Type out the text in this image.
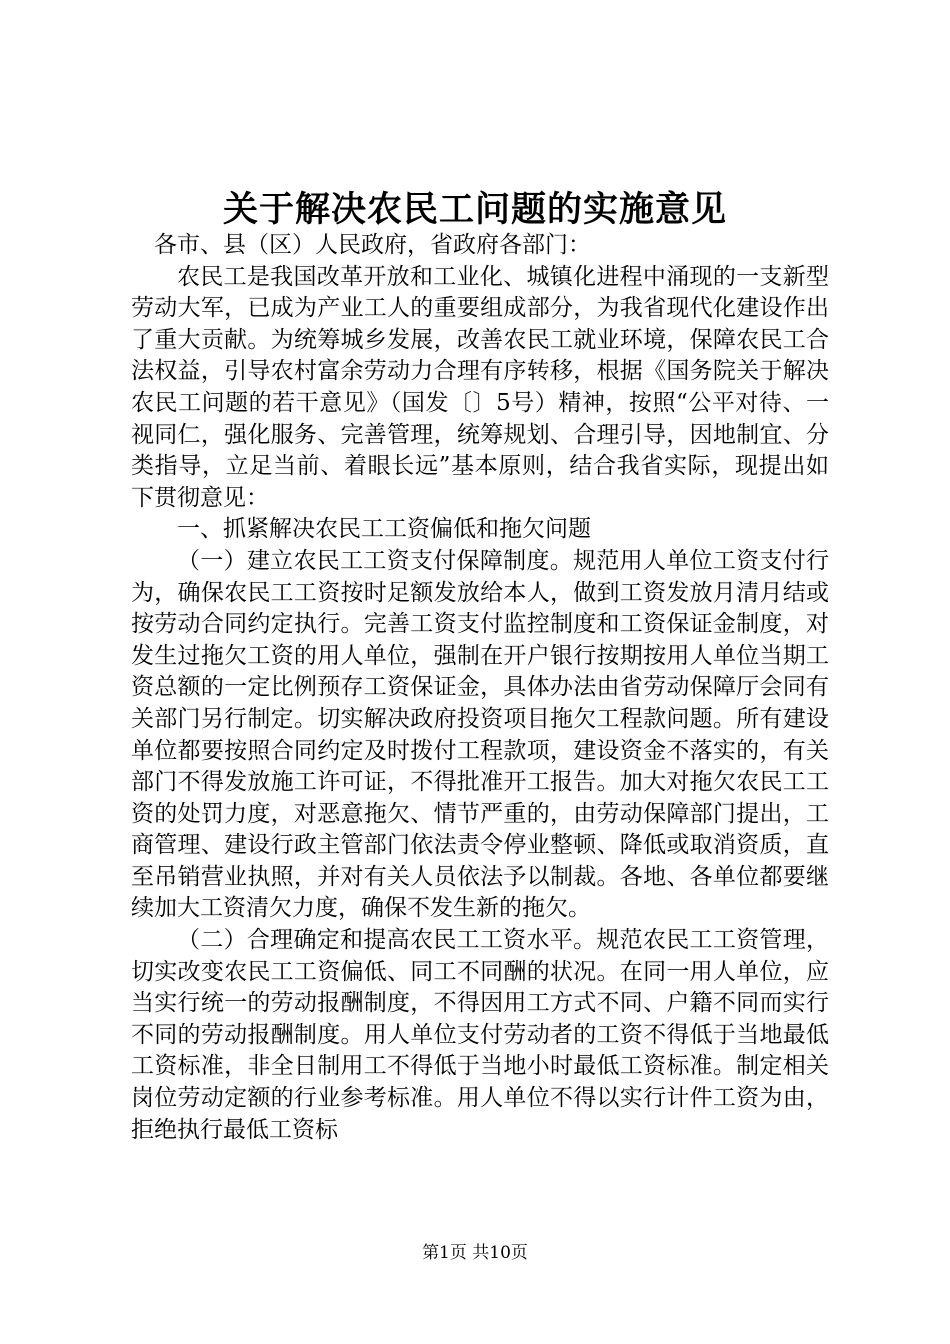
关于解决农民工问题的实施意见

各市、县（区）人民政府，省政府各部门：

农民工是我国改革开放和工业化、城镇化进程中涌现的一支新型劳动大军，已成为产业工人的重要组成部分，为我省现代化建设作出了重大贡献。为统筹城乡发展，改善农民工就业环境，保障农民工合法权益，引导农村富余劳动力合理有序转移，根据《国务院关于解决农民工问题的若干意见》（国发〔〕5号）精神，按照“公平对待、一视同仁，强化服务、完善管理，统筹规划、合理引导，因地制宜、分类指导，立足当前、着眼长远”基本原则，结合我省实际，现提出如下贯彻意见：

一、抓紧解决农民工工资偏低和拖欠问题

（一）建立农民工工资支付保障制度。规范用人单位工资支付行为，确保农民工工资按时足额发放给本人，做到工资发放月清月结或按劳动合同约定执行。完善工资支付监控制度和工资保证金制度，对发生过拖欠工资的用人单位，强制在开户银行按期按用人单位当期工资总额的一定比例预存工资保证金，具体办法由省劳动保障厅会同有关部门另行制定。切实解决政府投资项目拖欠工程款问题。所有建设单位都要按照合同约定及时拨付工程款项，建设资金不落实的，有关部门不得发放施工许可证，不得批准开工报告。加大对拖欠农民工工资的处罚力度，对恶意拖欠、情节严重的，由劳动保障部门提出，工商管理、建设行政主管部门依法责令停业整顿、降低或取消资质，直至吊销营业执照，并对有关人员依法予以制裁。各地、各单位都要继续加大工资清欠力度，确保不发生新的拖欠。

（二）合理确定和提高农民工工资水平。规范农民工工资管理，切实改变农民工工资偏低、同工不同酬的状况。在同一用人单位，应当实行统一的劳动报酬制度，不得因用工方式不同、户籍不同而实行不同的劳动报酬制度。用人单位支付劳动者的工资不得低于当地最低工资标准，非全日制用工不得低于当地小时最低工资标准。制定相关岗位劳动定额的行业参考标准。用人单位不得以实行计件工资为由，拒绝执行最低工资标

第1页 共10页
